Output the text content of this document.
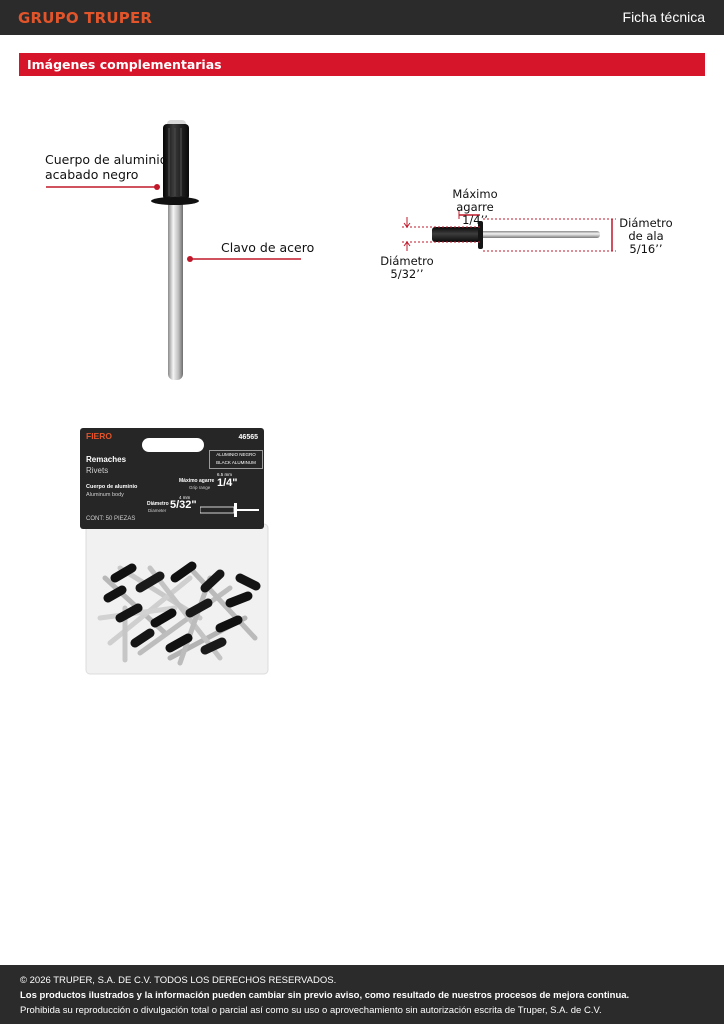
GRUPO TRUPER	Ficha técnica
Imágenes complementarias
Cuerpo de aluminio
acabado negro
Clavo de acero
Máximo agarre
1/4’’	Diámetro
de ala
5/16’’
Diámetro
5/32’’
FIERO	46565
ALUMINIO NEGRO
BLACK ALUMINUM
Remaches
Rivets
Cuerpo de aluminio
Aluminum body
6.5 mm
Máximo agarre
Grip range 1/4"
4 mm
Diámetro
Diameter 5/32"
CONT: 50 PIEZAS

© 2026 TRUPER, S.A. DE C.V. TODOS LOS DERECHOS RESERVADOS.

Los productos ilustrados y la información pueden cambiar sin previo aviso, como resultado de nuestros procesos de mejora continua.

Prohibida su reproducción o divulgación total o parcial así como su uso o aprovechamiento sin autorización escrita de Truper, S.A. de C.V.
